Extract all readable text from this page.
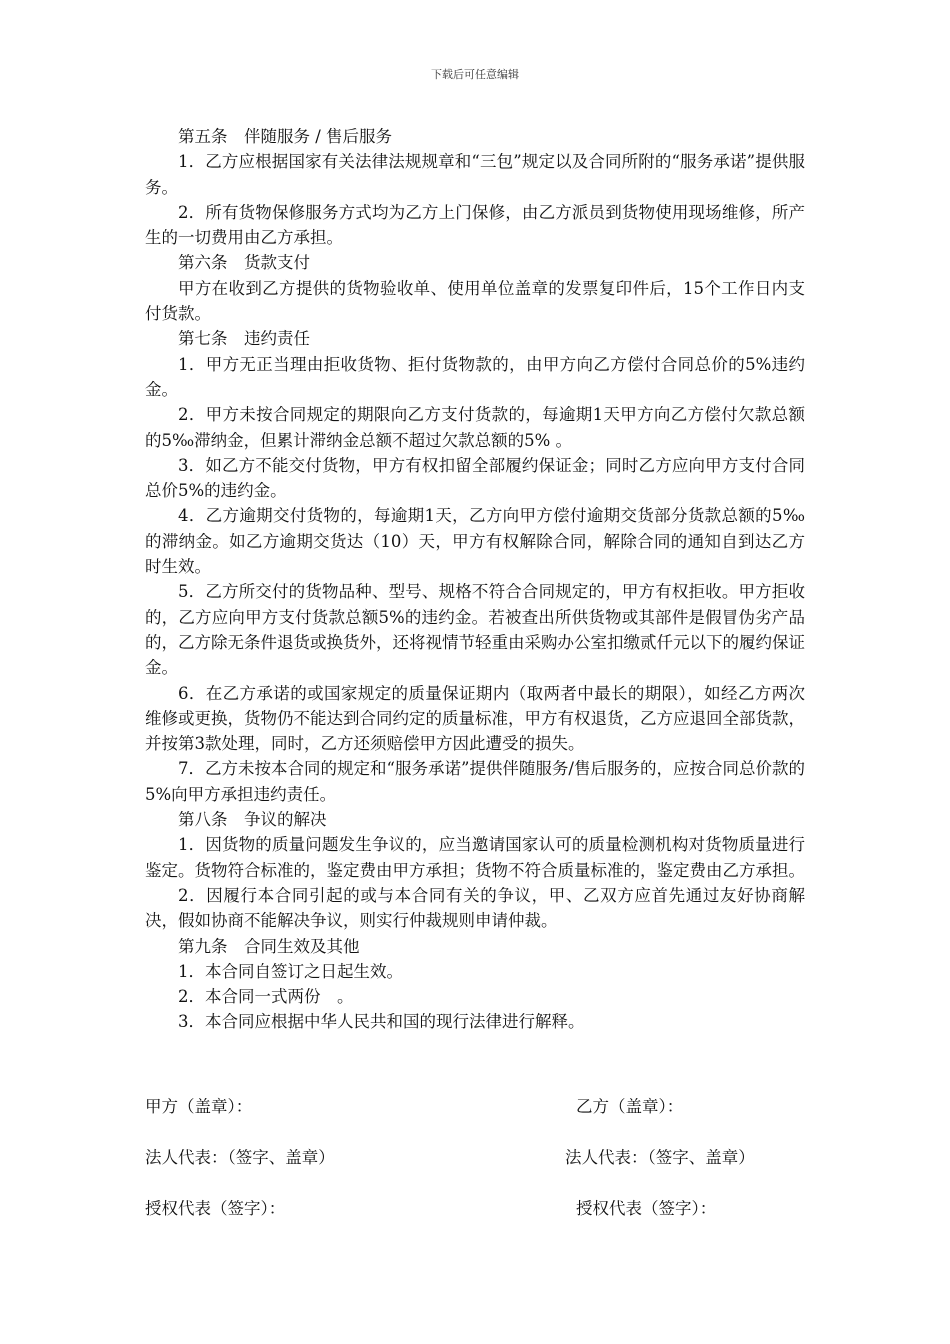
下载后可任意编辑

第五条　伴随服务 / 售后服务

1．乙方应根据国家有关法律法规规章和“三包”规定以及合同所附的“服务承诺”提供服务。

2．所有货物保修服务方式均为乙方上门保修，由乙方派员到货物使用现场维修，所产生的一切费用由乙方承担。

第六条　货款支付

甲方在收到乙方提供的货物验收单、使用单位盖章的发票复印件后，15个工作日内支付货款。

第七条　违约责任

1．甲方无正当理由拒收货物、拒付货物款的，由甲方向乙方偿付合同总价的5%违约金。

2．甲方未按合同规定的期限向乙方支付货款的，每逾期1天甲方向乙方偿付欠款总额的5‰滞纳金，但累计滞纳金总额不超过欠款总额的5% 。

3．如乙方不能交付货物，甲方有权扣留全部履约保证金；同时乙方应向甲方支付合同总价5%的违约金。

4．乙方逾期交付货物的，每逾期1天，乙方向甲方偿付逾期交货部分货款总额的5‰的滞纳金。如乙方逾期交货达（10）天，甲方有权解除合同，解除合同的通知自到达乙方时生效。

5．乙方所交付的货物品种、型号、规格不符合合同规定的，甲方有权拒收。甲方拒收的，乙方应向甲方支付货款总额5%的违约金。若被查出所供货物或其部件是假冒伪劣产品的，乙方除无条件退货或换货外，还将视情节轻重由采购办公室扣缴贰仟元以下的履约保证金。

6．在乙方承诺的或国家规定的质量保证期内（取两者中最长的期限），如经乙方两次维修或更换，货物仍不能达到合同约定的质量标准，甲方有权退货，乙方应退回全部货款，并按第3款处理，同时，乙方还须赔偿甲方因此遭受的损失。

7．乙方未按本合同的规定和“服务承诺”提供伴随服务/售后服务的，应按合同总价款的5%向甲方承担违约责任。

第八条　争议的解决

1．因货物的质量问题发生争议的，应当邀请国家认可的质量检测机构对货物质量进行鉴定。货物符合标准的，鉴定费由甲方承担；货物不符合质量标准的，鉴定费由乙方承担。

2．因履行本合同引起的或与本合同有关的争议，甲、乙双方应首先通过友好协商解决，假如协商不能解决争议，则实行仲裁规则申请仲裁。

第九条　合同生效及其他

1．本合同自签订之日起生效。

2．本合同一式两份　。

3．本合同应根据中华人民共和国的现行法律进行解释。

甲方（盖章）：

	乙方（盖章）：

法人代表：（签字、盖章）

	法人代表：（签字、盖章）

授权代表（签字）：

	授权代表（签字）：
